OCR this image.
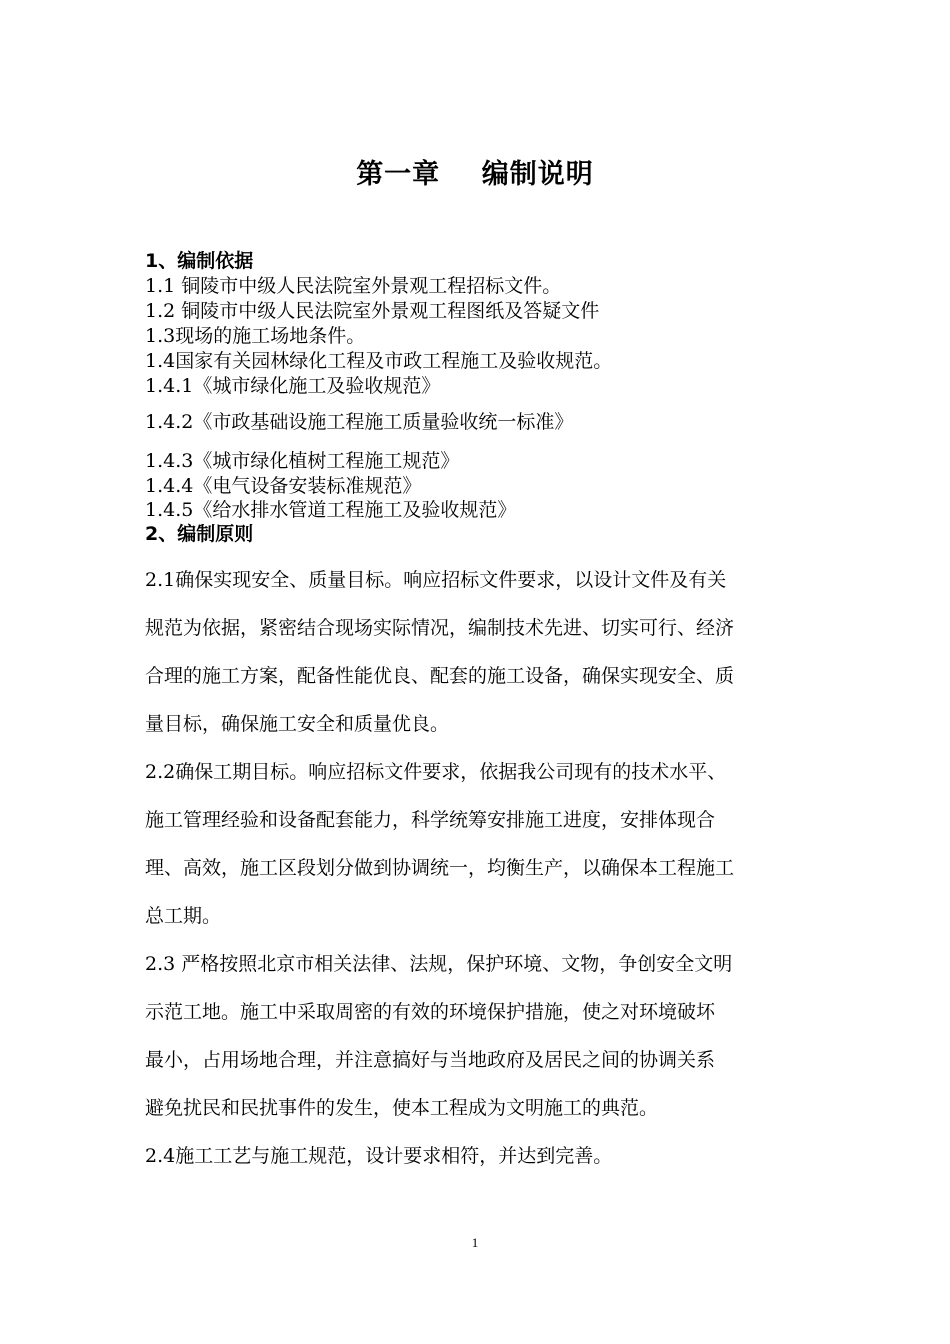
第一章    编制说明
1、编制依据
1.1 铜陵市中级人民法院室外景观工程招标文件。
1.2 铜陵市中级人民法院室外景观工程图纸及答疑文件
1.3现场的施工场地条件。
1.4国家有关园林绿化工程及市政工程施工及验收规范。
1.4.1《城市绿化施工及验收规范》
1.4.2《市政基础设施工程施工质量验收统一标准》
1.4.3《城市绿化植树工程施工规范》
1.4.4《电气设备安装标准规范》
1.4.5《给水排水管道工程施工及验收规范》
2、编制原则
2.1确保实现安全、质量目标。响应招标文件要求，以设计文件及有关
规范为依据，紧密结合现场实际情况，编制技术先进、切实可行、经济
合理的施工方案，配备性能优良、配套的施工设备，确保实现安全、质
量目标，确保施工安全和质量优良。
2.2确保工期目标。响应招标文件要求，依据我公司现有的技术水平、
施工管理经验和设备配套能力，科学统筹安排施工进度，安排体现合
理、高效，施工区段划分做到协调统一，均衡生产，以确保本工程施工
总工期。
2.3 严格按照北京市相关法律、法规，保护环境、文物，争创安全文明
示范工地。施工中采取周密的有效的环境保护措施，使之对环境破坏
最小，占用场地合理，并注意搞好与当地政府及居民之间的协调关系
避免扰民和民扰事件的发生，使本工程成为文明施工的典范。
2.4施工工艺与施工规范，设计要求相符，并达到完善。
1
